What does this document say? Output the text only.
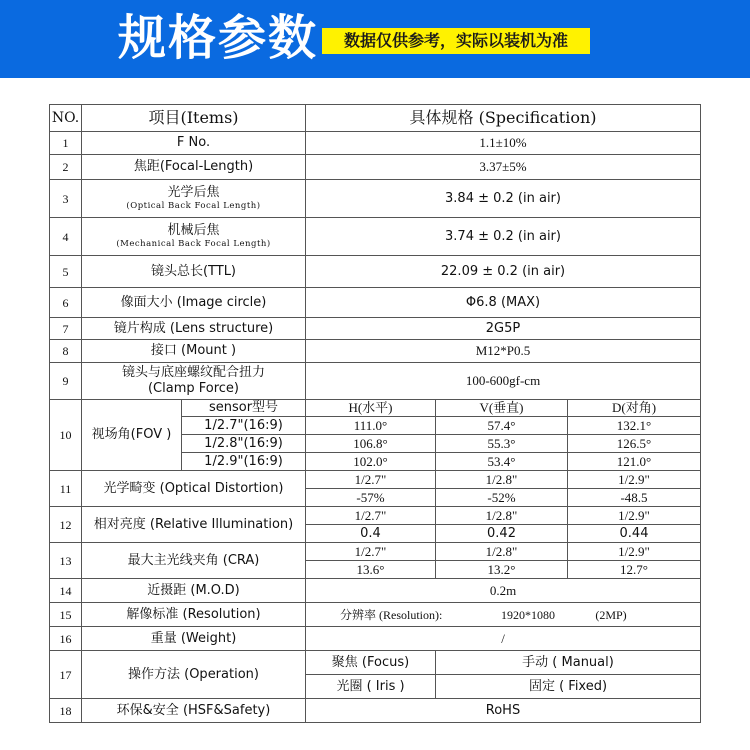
规格参数	数据仅供参考，实际以装机为准
NO.	项目(Items)		具体规格 (Specification)		
1	F No.		1.1±10%		
2	焦距(Focal-Length)		3.37±5%		
3	光学后焦
(Optical Back Focal Length)		3.84 ± 0.2 (in air)		
4	机械后焦
(Mechanical Back Focal Length)		3.74 ± 0.2 (in air)		
5	镜头总长(TTL)		22.09 ± 0.2 (in air)		
6	像面大小 (Image circle)		Φ6.8 (MAX)		
7	镜片构成 (Lens structure)		2G5P		
8	接口 (Mount )		M12*P0.5		
9	镜头与底座螺纹配合扭力
(Clamp Force)		100-600gf-cm		
10	视场角(FOV )	sensor型号	H(水平)	V(垂直)	D(对角)
		1/2.7"(16:9)	111.0°	57.4°	132.1°
		1/2.8"(16:9)	106.8°	55.3°	126.5°
		1/2.9"(16:9)	102.0°	53.4°	121.0°
11	光学畸变 (Optical Distortion)		1/2.7"	1/2.8"	1/2.9"
			-57%	-52%	-48.5
12	相对亮度 (Relative Illumination)		1/2.7"	1/2.8"	1/2.9"
			0.4	0.42	0.44
13	最大主光线夹角 (CRA)		1/2.7"	1/2.8"	1/2.9"
			13.6°	13.2°	12.7°
14	近摄距 (M.O.D)		0.2m		
15	解像标准 (Resolution)		分辨率 (Resolution): 1920*1080 (2MP)		
16	重量 (Weight)		/		
17	操作方法 (Operation)		聚焦 (Focus)	手动 ( Manual)	
			光圈 ( Iris )	固定 ( Fixed)	
18	环保&安全 (HSF&Safety)		RoHS		
